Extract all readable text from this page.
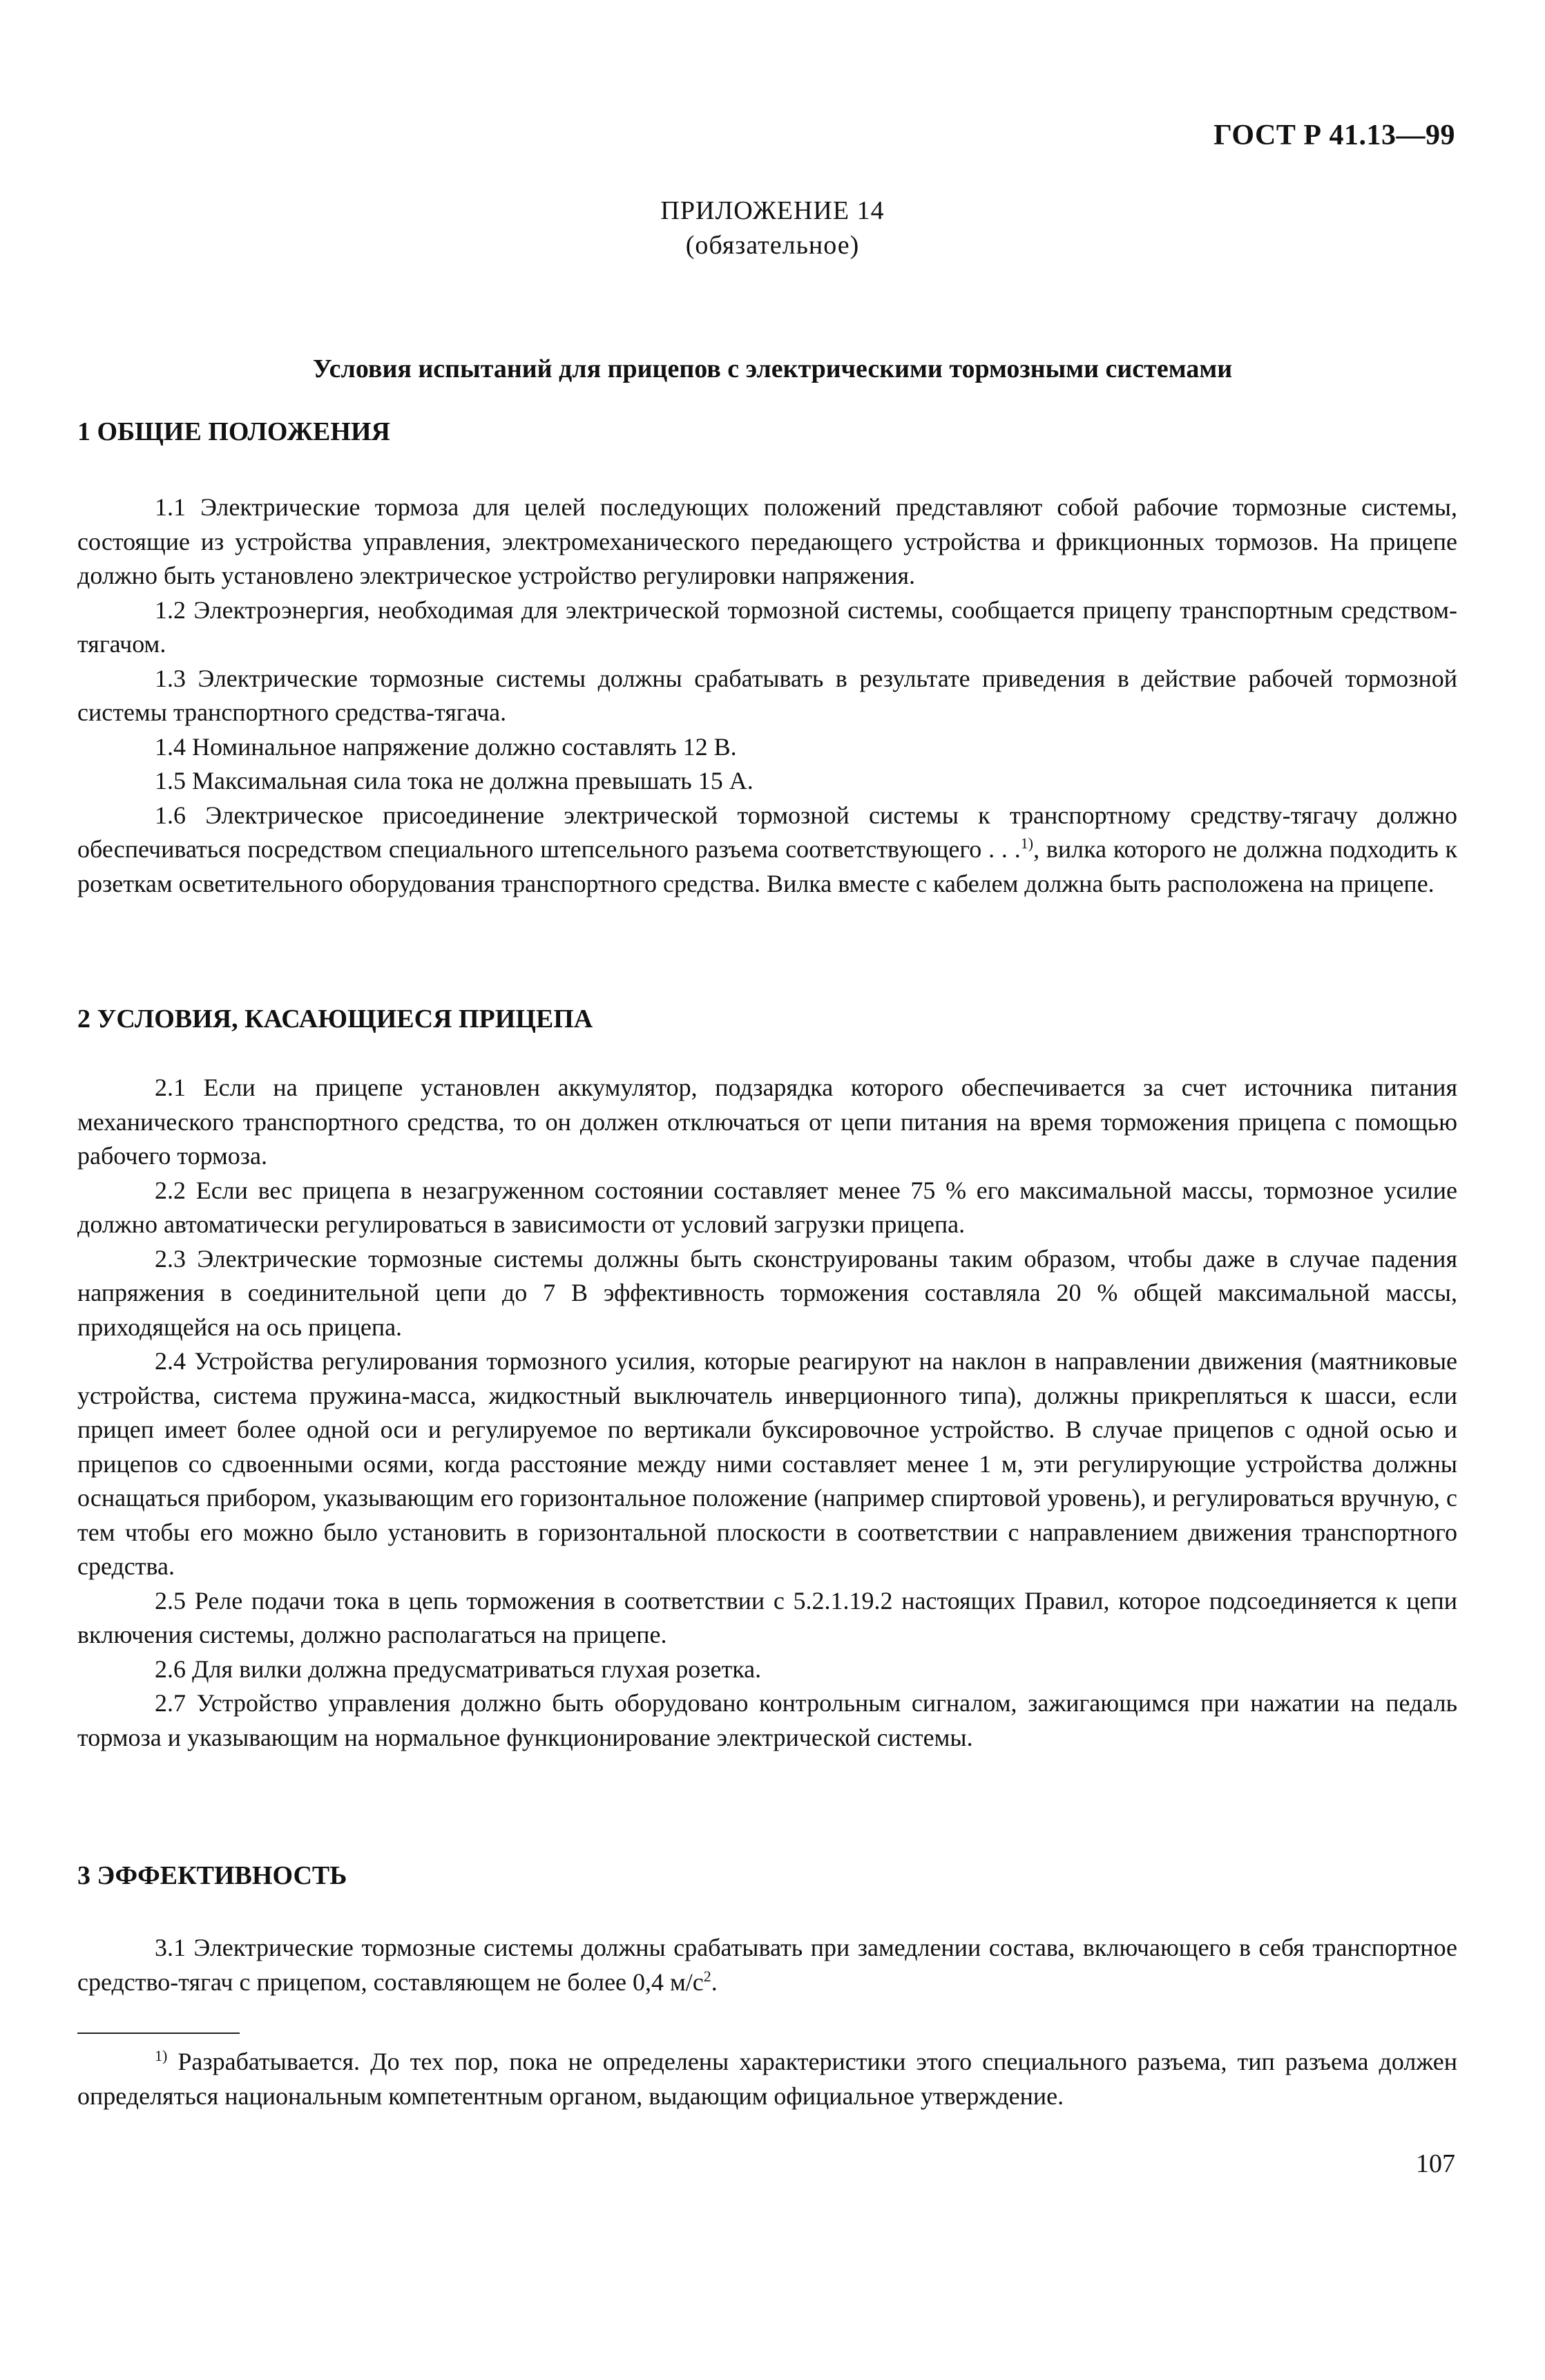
ГОСТ Р 41.13—99
ПРИЛОЖЕНИЕ 14
(обязательное)
Условия испытаний для прицепов с электрическими тормозными системами

1 ОБЩИЕ ПОЛОЖЕНИЯ

1.1 Электрические тормоза для целей последующих положений представляют собой рабочие тормозные системы, состоящие из устройства управления, электромеханического передающего устройства и фрикционных тормозов. На прицепе должно быть установлено электрическое устройство регулировки напряжения.

1.2 Электроэнергия, необходимая для электрической тормозной системы, сообщается прицепу транспортным средством-тягачом.

1.3 Электрические тормозные системы должны срабатывать в результате приведения в действие рабочей тормозной системы транспортного средства-тягача.

1.4 Номинальное напряжение должно составлять 12 В.

1.5 Максимальная сила тока не должна превышать 15 А.

1.6 Электрическое присоединение электрической тормозной системы к транспортному средству-тягачу должно обеспечиваться посредством специального штепсельного разъема соответствующего . . .$^{1)}$, вилка которого не должна подходить к розеткам осветительного оборудования транспортного средства. Вилка вместе с кабелем должна быть расположена на прицепе.

2 УСЛОВИЯ, КАСАЮЩИЕСЯ ПРИЦЕПА

2.1 Если на прицепе установлен аккумулятор, подзарядка которого обеспечивается за счет источника питания механического транспортного средства, то он должен отключаться от цепи питания на время торможения прицепа с помощью рабочего тормоза.

2.2 Если вес прицепа в незагруженном состоянии составляет менее 75 % его максимальной массы, тормозное усилие должно автоматически регулироваться в зависимости от условий загрузки прицепа.

2.3 Электрические тормозные системы должны быть сконструированы таким образом, чтобы даже в случае падения напряжения в соединительной цепи до 7 В эффективность торможения составляла 20 % общей максимальной массы, приходящейся на ось прицепа.

2.4 Устройства регулирования тормозного усилия, которые реагируют на наклон в направлении движения (маятниковые устройства, система пружина-масса, жидкостный выключатель инверционного типа), должны прикрепляться к шасси, если прицеп имеет более одной оси и регулируемое по вертикали буксировочное устройство. В случае прицепов с одной осью и прицепов со сдвоенными осями, когда расстояние между ними составляет менее 1 м, эти регулирующие устройства должны оснащаться прибором, указывающим его горизонтальное положение (например спиртовой уровень), и регулироваться вручную, с тем чтобы его можно было установить в горизонтальной плоскости в соответствии с направлением движения транспортного средства.

2.5 Реле подачи тока в цепь торможения в соответствии с 5.2.1.19.2 настоящих Правил, которое подсоединяется к цепи включения системы, должно располагаться на прицепе.

2.6 Для вилки должна предусматриваться глухая розетка.

2.7 Устройство управления должно быть оборудовано контрольным сигналом, зажигающимся при нажатии на педаль тормоза и указывающим на нормальное функционирование электрической системы.

3 ЭФФЕКТИВНОСТЬ

3.1 Электрические тормозные системы должны срабатывать при замедлении состава, включающего в себя транспортное средство-тягач с прицепом, составляющем не более 0,4 $м/с^2$.

$^{1)}$ Разрабатывается. До тех пор, пока не определены характеристики этого специального разъема, тип разъема должен определяться национальным компетентным органом, выдающим официальное утверждение.

107
